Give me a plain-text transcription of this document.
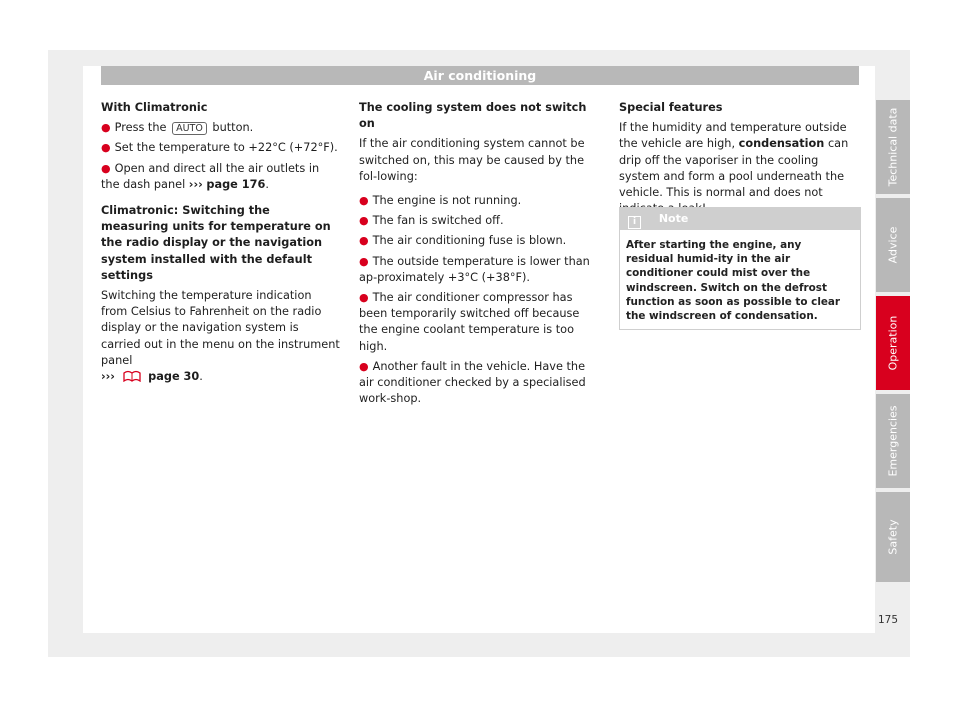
Air conditioning

With Climatronic

● Press the AUTO button.
● Set the temperature to +22°C (+72°F).
● Open and direct all the air outlets in the dash panel ››› page 176.

Climatronic: Switching the measuring units for temperature on the radio display or the navigation system installed with the default settings

Switching the temperature indication from Celsius to Fahrenheit on the radio display or the navigation system is carried out in the menu on the instrument panel
›››	page 30.

The cooling system does not switch on

If the air conditioning system cannot be switched on, this may be caused by the fol-lowing:

● The engine is not running.
● The fan is switched off.
● The air conditioning fuse is blown.
● The outside temperature is lower than ap-proximately +3°C (+38°F).
● The air conditioner compressor has been temporarily switched off because the engine coolant temperature is too high.
● Another fault in the vehicle. Have the air conditioner checked by a specialised work-shop.

Special features

If the humidity and temperature outside the vehicle are high, condensation can drip off the vaporiser in the cooling system and form a pool underneath the vehicle. This is normal and does not

i Note
After starting the engine, any residual humid-ity in the air conditioner could mist over the windscreen. Switch on the defrost function as soon as possible to clear the windscreen of condensation.
Technical data
Advice
Operation
Emergencies
Safety
175
